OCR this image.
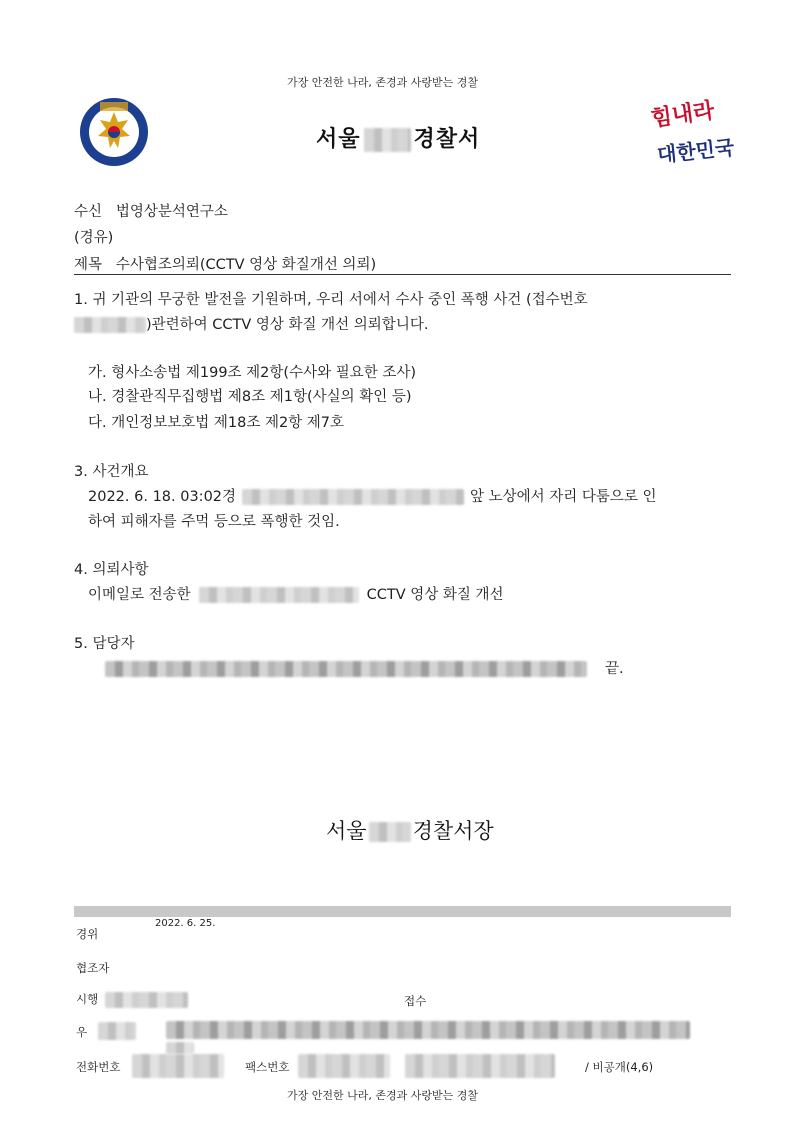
가장 안전한 나라, 존경과 사랑받는 경찰
서울 경찰서
힘내라
대한민국
수신 법영상분석연구소
(경유)
제목 수사협조의뢰(CCTV 영상 화질개선 의뢰)
1. 귀 기관의 무궁한 발전을 기원하며, 우리 서에서 수사 중인 폭행 사건 (접수번호
)관련하여 CCTV 영상 화질 개선 의뢰합니다.
가. 형사소송법 제199조 제2항(수사와 필요한 조사)
나. 경찰관직무집행법 제8조 제1항(사실의 확인 등)
다. 개인정보보호법 제18조 제2항 제7호
3. 사건개요
2022. 6. 18. 03:02경	앞 노상에서 자리 다툼으로 인
하여 피해자를 주먹 등으로 폭행한 것임.
4. 의뢰사항
이메일로 전송한	CCTV 영상 화질 개선
5. 담당자
끝.
서울 경찰서장
경위
2022. 6. 25.
협조자
시행	접수
우
전화번호	팩스번호	/ 비공개(4,6)
가장 안전한 나라, 존경과 사랑받는 경찰
